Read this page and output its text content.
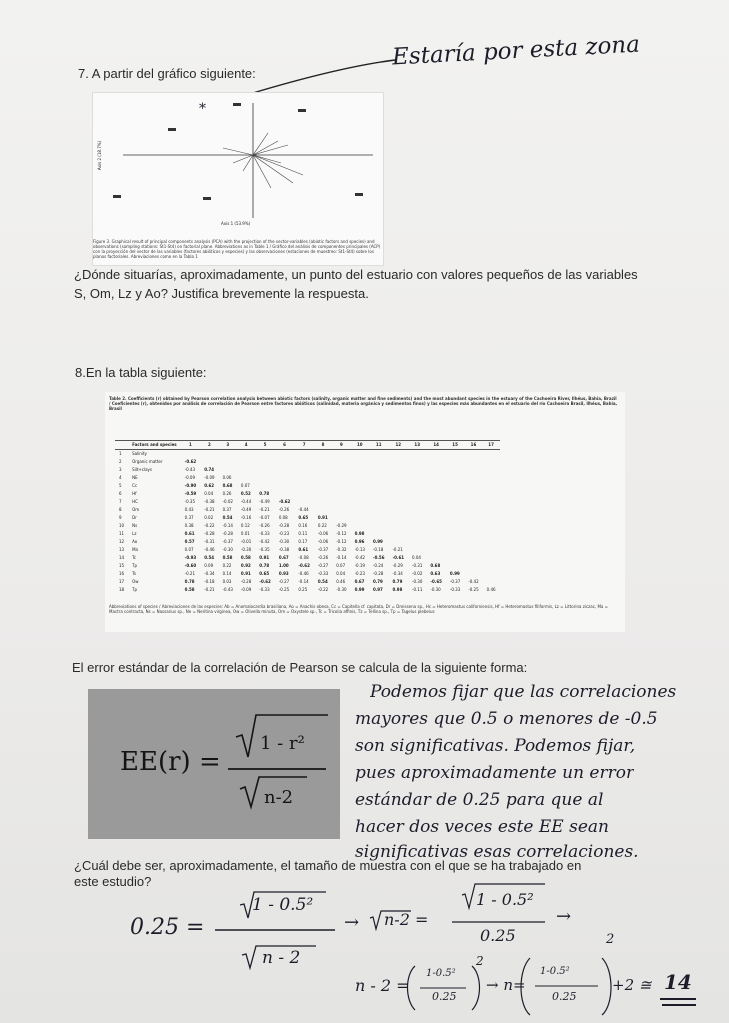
7. A partir del gráfico siguiente:
Estaría por esta zona
*
Axis 1 (53.9%)
Axis 2 (18.7%)
Figure 3. Graphical result of principal components analysis (PCA) with the projection of the vector-variables (abiotic factors and species) and observations (sampling stations: St1-St4) on factorial plane. Abbreviations as in Table 1 / Gráfico del análisis de componentes principales (ACP) con la proyección del vector de las variables (factores abióticos y especies) y las observaciones (estaciones de muestreo: St1-St4) sobre los planos factoriales. Abreviaciones como en la Tabla 1
¿Dónde situarías, aproximadamente, un punto del estuario con valores pequeños de las variables S, Om, Lz y Ao? Justifica brevemente la respuesta.
8.En la tabla siguiente:
Table 2. Coefficients (r) obtained by Pearson correlation analysis between abiotic factors (salinity, organic matter and fine sediments) and the most abundant species in the estuary of the Cachoeira River, Ilhéus, Bahia, Brazil / Coeficientes (r), obtenidos por análisis de correlación de Pearson entre factores abióticos (salinidad, materia orgánica y sedimentos finos) y las especies más abundantes en el estuario del río Cachoeira Brasil, Ilhéus, Bahia, Brasil
	Factors and species	1	2	3	4	5	6	7	8	9	10	11	12	13	14	15	16	17
1	Salinity																	
2	Organic matter	-0.62																
3	Silt+clays	-0.43	0.74															
4	NE	-0.09	-0.09	0.06														
5	Cc	-0.90	0.62	0.68	0.07													
6	Hf	-0.59	0.04	0.26	0.52	0.78												
7	HC	-0.35	-0.38	-0.02	-0.44	-0.49	-0.62											
8	Om	0.43	-0.21	0.37	-0.49	-0.21	-0.26	-0.44										
9	Dr	0.37	0.02	0.54	-0.16	-0.07	0.08	0.65	0.91									
10	Ns	0.38	-0.22	-0.14	0.12	-0.26	-0.28	0.16	0.22	-0.29								
11	Lz	0.61	-0.28	-0.28	0.01	-0.33	-0.23	0.11	-0.06	-0.12	0.98							
12	Ao	0.57	-0.31	-0.37	-0.01	-0.42	-0.30	0.17	-0.06	-0.12	0.96	0.99						
13	Ma	0.07	-0.46	-0.30	-0.30	-0.35	-0.38	0.61	-0.37	-0.32	-0.13	-0.18	-0.21					
14	Tc	-0.93	0.54	0.58	0.58	0.91	0.67	-0.08	-0.26	-0.14	-0.42	-0.56	-0.61	0.04				
15	Tp	-0.60	0.09	0.22	0.92	0.78	1.00	-0.62	-0.27	0.07	-0.19	-0.24	-0.29	-0.31	0.68			
16	Ts	-0.21	-0.34	0.14	0.91	0.65	0.93	-0.46	-0.33	0.04	-0.23	-0.28	-0.34	-0.02	0.63	0.99		
17	Ow	0.78	-0.18	0.03	-0.28	-0.62	-0.27	-0.14	0.54	0.46	0.67	0.79	0.79	-0.30	-0.65	-0.37	-0.42	
18	Tp	0.58	-0.21	-0.43	-0.09	-0.33	-0.25	0.25	-0.22	-0.30	0.99	0.97	0.98	-0.11	-0.30	-0.33	-0.25	0.46
Abbreviations of species / Abreviaciones de las especies: Ab = Anomalocardia brasiliana, Ao = Anachis obesa, Cc = Capitella cf. capitata, Dr = Dreissena sp., Hc = Heteromastus californiensis, Hf = Heteromastus filiformis, Lz = Littorina ziczac, Ma = Mactra contracta, Ns = Nassarius sp., Ne = Neritina virginea, Ow = Olivella minuta, Om = Oxystele sp., Tc = Tricolia affinis, Tz = Tellina sp., Tp = Tagelus plebeius
El error estándar de la correlación de Pearson se calcula de la siguiente forma:
EE(r) =
1 - r²
n-2
Podemos fijar que las correlaciones
mayores que 0.5 o menores de -0.5
son significativas. Podemos fijar,
pues aproximadamente un error
estándar de 0.25 para que al
hacer dos veces este EE sean
significativas esas correlaciones.
¿Cuál debe ser, aproximadamente, el tamaño de muestra con el que se ha trabajado en este estudio?
0.25 =
1 - 0.5²
n - 2
→ n-2 =
1 - 0.5²
0.25
→
n - 2 =
1-0.5²
0.25
2
→ n=
1-0.5²
0.25
2
+2 ≅ 14
